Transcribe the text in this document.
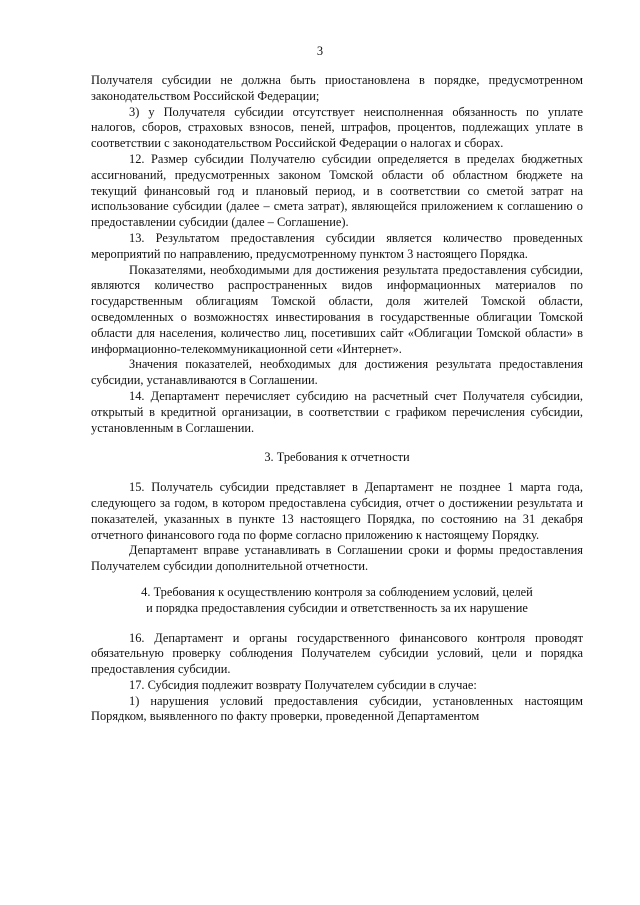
3

Получателя субсидии не должна быть приостановлена в порядке, предусмотренном законодательством Российской Федерации;

3) у Получателя субсидии отсутствует неисполненная обязанность по уплате налогов, сборов, страховых взносов, пеней, штрафов, процентов, подлежащих уплате в соответствии с законодательством Российской Федерации о налогах и сборах.

12. Размер субсидии Получателю субсидии определяется в пределах бюджетных ассигнований, предусмотренных законом Томской области об областном бюджете на текущий финансовый год и плановый период, и в соответствии со сметой затрат на использование субсидии (далее – смета затрат), являющейся приложением к соглашению о предоставлении субсидии (далее – Соглашение).

13. Результатом предоставления субсидии является количество проведенных мероприятий по направлению, предусмотренному пунктом 3 настоящего Порядка.

Показателями, необходимыми для достижения результата предоставления субсидии, являются количество распространенных видов информационных материалов по государственным облигациям Томской области, доля жителей Томской области, осведомленных о возможностях инвестирования в государственные облигации Томской области для населения, количество лиц, посетивших сайт «Облигации Томской области» в информационно-телекоммуникационной сети «Интернет».

Значения показателей, необходимых для достижения результата предоставления субсидии, устанавливаются в Соглашении.

14. Департамент перечисляет субсидию на расчетный счет Получателя субсидии, открытый в кредитной организации, в соответствии с графиком перечисления субсидии, установленным в Соглашении.

3. Требования к отчетности

15. Получатель субсидии представляет в Департамент не позднее 1 марта года, следующего за годом, в котором предоставлена субсидия, отчет о достижении результата и показателей, указанных в пункте 13 настоящего Порядка, по состоянию на 31 декабря отчетного финансового года по форме согласно приложению к настоящему Порядку.

Департамент вправе устанавливать в Соглашении сроки и формы предоставления Получателем субсидии дополнительной отчетности.

4. Требования к осуществлению контроля за соблюдением условий, целей
и порядка предоставления субсидии и ответственность за их нарушение

16. Департамент и органы государственного финансового контроля проводят обязательную проверку соблюдения Получателем субсидии условий, цели и порядка предоставления субсидии.

17. Субсидия подлежит возврату Получателем субсидии в случае:

1) нарушения условий предоставления субсидии, установленных настоящим Порядком, выявленного по факту проверки, проведенной Департаментом
